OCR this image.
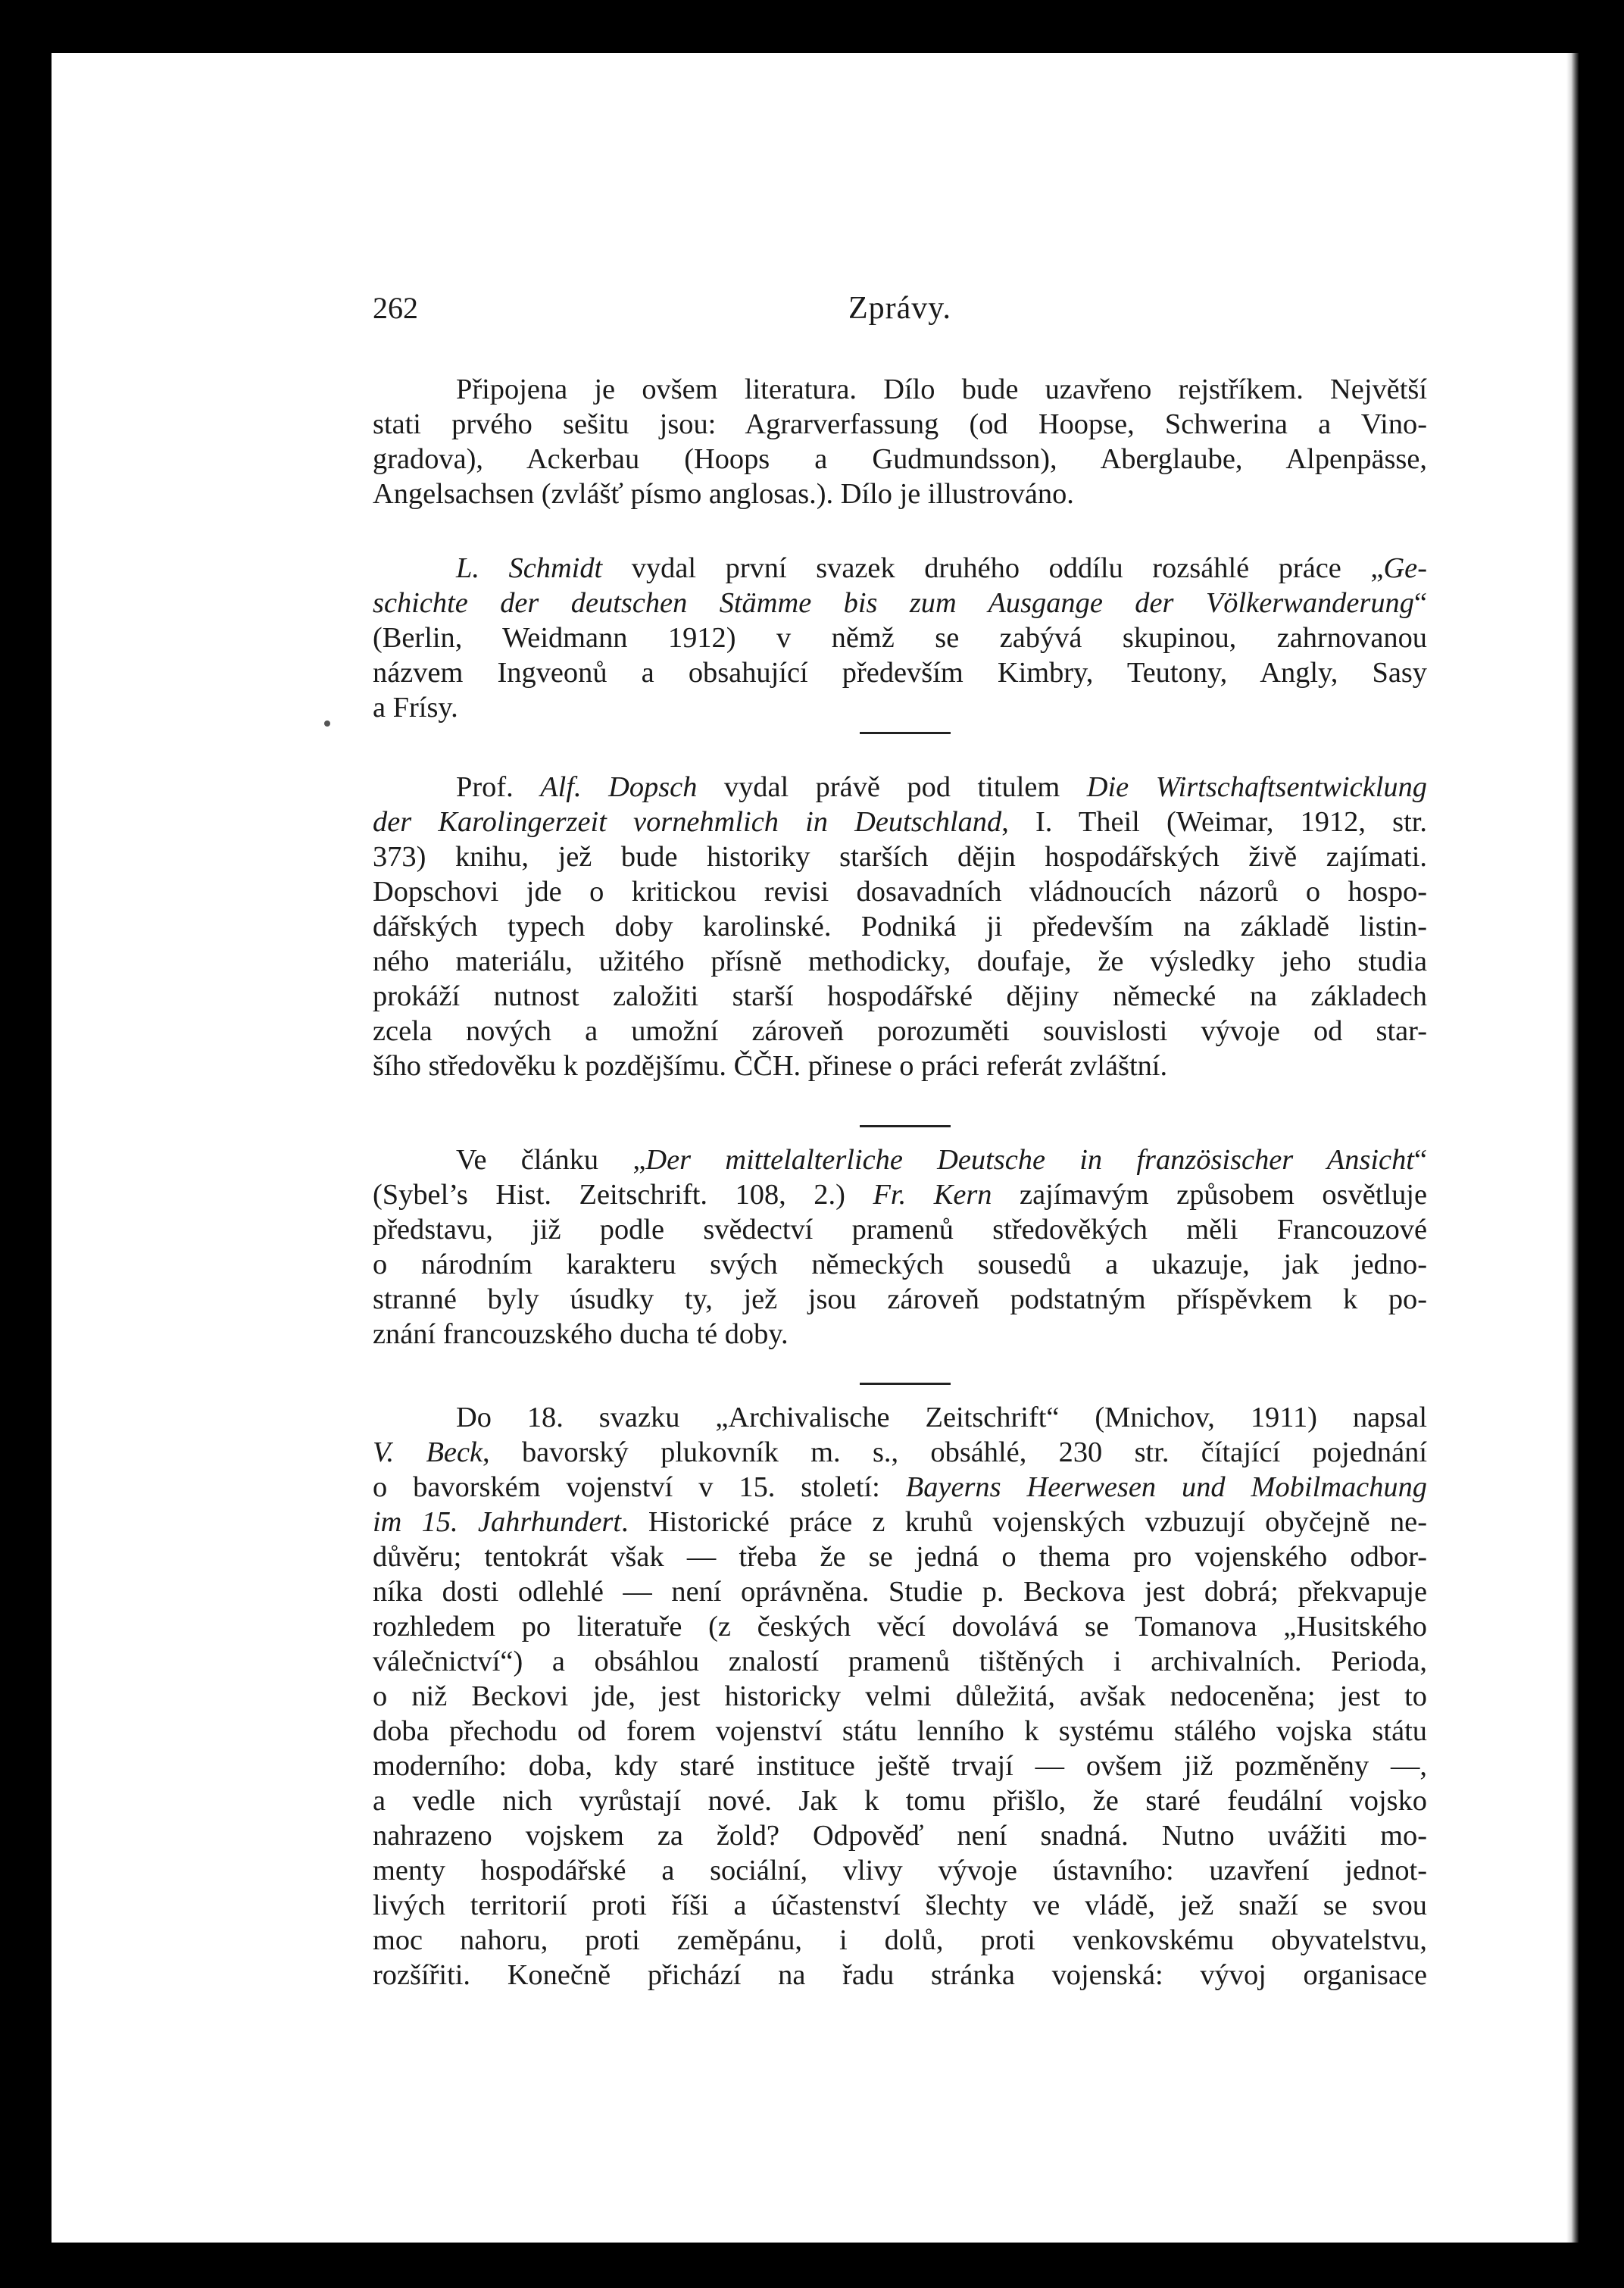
262	Zprávy.
Připojena je ovšem literatura. Dílo bude uzavřeno rejstříkem. Největší
stati prvého sešitu jsou: Agrarverfassung (od Hoopse, Schwerina a Vino-
gradova), Ackerbau (Hoops a Gudmundsson), Aberglaube, Alpenpässe,
Angelsachsen (zvlášť písmo anglosas.). Dílo je illustrováno.
L. Schmidt vydal první svazek druhého oddílu rozsáhlé práce „Ge-
schichte der deutschen Stämme bis zum Ausgange der Völkerwanderung“
(Berlin, Weidmann 1912) v němž se zabývá skupinou, zahrnovanou
názvem Ingveonů a obsahující především Kimbry, Teutony, Angly, Sasy
a Frísy.
Prof. Alf. Dopsch vydal právě pod titulem Die Wirtschaftsentwicklung
der Karolingerzeit vornehmlich in Deutschland, I. Theil (Weimar, 1912, str.
373) knihu, jež bude historiky starších dějin hospodářských živě zajímati.
Dopschovi jde o kritickou revisi dosavadních vládnoucích názorů o hospo-
dářských typech doby karolinské. Podniká ji především na základě listin-
ného materiálu, užitého přísně methodicky, doufaje, že výsledky jeho studia
prokáží nutnost založiti starší hospodářské dějiny německé na základech
zcela nových a umožní zároveň porozuměti souvislosti vývoje od star-
šího středověku k pozdějšímu. ČČH. přinese o práci referát zvláštní.
Ve článku „Der mittelalterliche Deutsche in französischer Ansicht“
(Sybel’s Hist. Zeitschrift. 108, 2.) Fr. Kern zajímavým způsobem osvětluje
představu, již podle svědectví pramenů středověkých měli Francouzové
o národním karakteru svých německých sousedů a ukazuje, jak jedno-
stranné byly úsudky ty, jež jsou zároveň podstatným příspěvkem k po-
znání francouzského ducha té doby.
Do 18. svazku „Archivalische Zeitschrift“ (Mnichov, 1911) napsal
V. Beck, bavorský plukovník m. s., obsáhlé, 230 str. čítající pojednání
o bavorském vojenství v 15. století: Bayerns Heerwesen und Mobilmachung
im 15. Jahrhundert. Historické práce z kruhů vojenských vzbuzují obyčejně ne-
důvěru; tentokrát však — třeba že se jedná o thema pro vojenského odbor-
níka dosti odlehlé — není oprávněna. Studie p. Beckova jest dobrá; překvapuje
rozhledem po literatuře (z českých věcí dovolává se Tomanova „Husitského
válečnictví“) a obsáhlou znalostí pramenů tištěných i archivalních. Perioda,
o niž Beckovi jde, jest historicky velmi důležitá, avšak nedoceněna; jest to
doba přechodu od forem vojenství státu lenního k systému stálého vojska státu
moderního: doba, kdy staré instituce ještě trvají — ovšem již pozměněny —,
a vedle nich vyrůstají nové. Jak k tomu přišlo, že staré feudální vojsko
nahrazeno vojskem za žold? Odpověď není snadná. Nutno uvážiti mo-
menty hospodářské a sociální, vlivy vývoje ústavního: uzavření jednot-
livých territorií proti říši a účastenství šlechty ve vládě, jež snaží se svou
moc nahoru, proti zeměpánu, i dolů, proti venkovskému obyvatelstvu,
rozšířiti. Konečně přichází na řadu stránka vojenská: vývoj organisace
